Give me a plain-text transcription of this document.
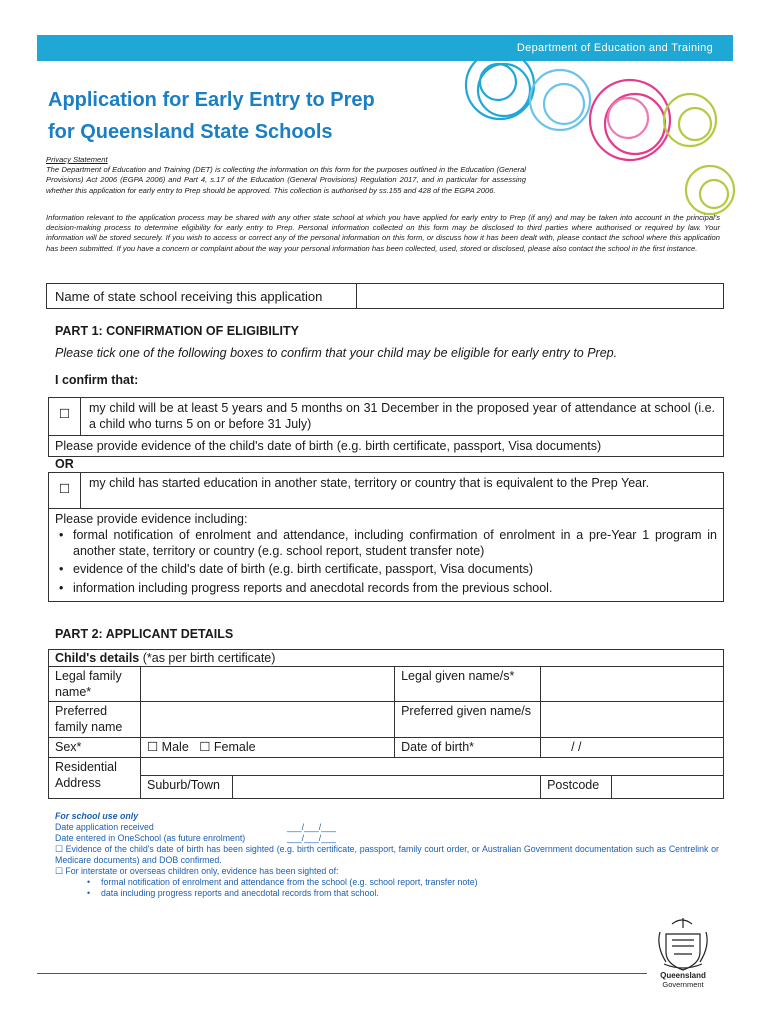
Department of Education and Training
Application for Early Entry to Prep
for Queensland State Schools
Privacy Statement
The Department of Education and Training (DET) is collecting the information on this form for the purposes outlined in the Education (General Provisions) Act 2006 (EGPA 2006) and Part 4, s.17 of the Education (General Provisions) Regulation 2017, and in particular for assessing whether this application for early entry to Prep should be approved. This collection is authorised by ss.155 and 428 of the EGPA 2006.
Information relevant to the application process may be shared with any other state school at which you have applied for early entry to Prep (if any) and may be taken into account in the principal's decision-making process to determine eligibility for early entry to Prep. Personal information collected on this form may be disclosed to third parties where authorised or required by law. Your information will be stored securely. If you wish to access or correct any of the personal information on this form, or discuss how it has been dealt with, please contact the school where this application has been submitted. If you have a concern or complaint about the way your personal information has been collected, used, stored or disclosed, please also contact the school in the first instance.
Name of state school receiving this application	
PART 1: CONFIRMATION OF ELIGIBILITY
Please tick one of the following boxes to confirm that your child may be eligible for early entry to Prep.
I confirm that:
☐	my child will be at least 5 years and 5 months on 31 December in the proposed year of attendance at school (i.e. a child who turns 5 on or before 31 July)
Please provide evidence of the child's date of birth (e.g. birth certificate, passport, Visa documents)
OR
☐	my child has started education in another state, territory or country that is equivalent to the Prep Year.

Please provide evidence including:
• formal notification of enrolment and attendance, including confirmation of enrolment in a pre-Year 1 program in another state, territory or country (e.g. school report, student transfer note)
• evidence of the child's date of birth (e.g. birth certificate, passport, Visa documents)
• information including progress reports and anecdotal records from the previous school.
PART 2: APPLICANT DETAILS
Child's details (*as per birth certificate)
Legal family name*		Legal given name/s*	
Preferred family name		Preferred given name/s	
Sex*	☐ Male ☐ Female	Date of birth*	/ /
Residential Address	
Suburb/Town			Postcode	
For school use only
Date application received	___/___/___
Date entered in OneSchool (as future enrolment)	___/___/___
☐ Evidence of the child's date of birth has been sighted (e.g. birth certificate, passport, family court order, or Australian Government documentation such as Centrelink or Medicare documents) and DOB confirmed.
☐ For interstate or overseas children only, evidence has been sighted of:
• formal notification of enrolment and attendance from the school (e.g. school report, transfer note)
• data including progress reports and anecdotal records from that school.
Queensland
Government
